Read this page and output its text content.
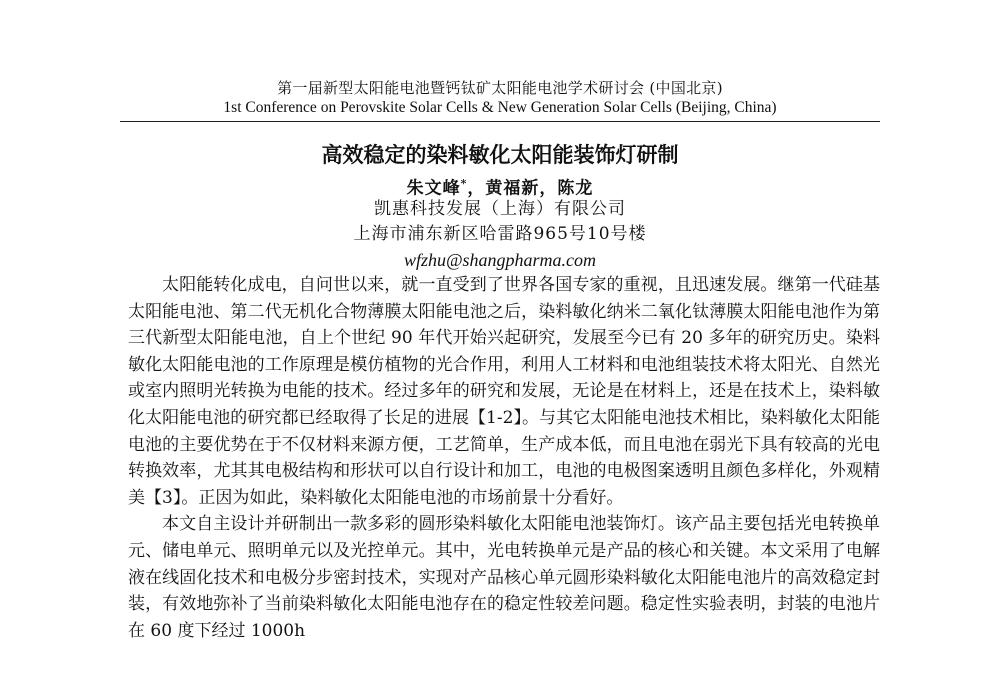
第一届新型太阳能电池暨钙钛矿太阳能电池学术研讨会 (中国北京)
1st Conference on Perovskite Solar Cells & New Generation Solar Cells (Beijing, China)
高效稳定的染料敏化太阳能装饰灯研制
朱文峰*，黄福新，陈龙
凯惠科技发展（上海）有限公司
上海市浦东新区哈雷路965号10号楼
wfzhu@shangpharma.com

太阳能转化成电，自问世以来，就一直受到了世界各国专家的重视，且迅速发展。继第一代硅基太阳能电池、第二代无机化合物薄膜太阳能电池之后，染料敏化纳米二氧化钛薄膜太阳能电池作为第三代新型太阳能电池，自上个世纪 90 年代开始兴起研究，发展至今已有 20 多年的研究历史。染料敏化太阳能电池的工作原理是模仿植物的光合作用，利用人工材料和电池组装技术将太阳光、自然光或室内照明光转换为电能的技术。经过多年的研究和发展，无论是在材料上，还是在技术上，染料敏化太阳能电池的研究都已经取得了长足的进展【1-2】。与其它太阳能电池技术相比，染料敏化太阳能电池的主要优势在于不仅材料来源方便，工艺简单，生产成本低，而且电池在弱光下具有较高的光电转换效率，尤其其电极结构和形状可以自行设计和加工，电池的电极图案透明且颜色多样化，外观精美【3】。正因为如此，染料敏化太阳能电池的市场前景十分看好。

本文自主设计并研制出一款多彩的圆形染料敏化太阳能电池装饰灯。该产品主要包括光电转换单元、储电单元、照明单元以及光控单元。其中，光电转换单元是产品的核心和关键。本文采用了电解液在线固化技术和电极分步密封技术，实现对产品核心单元圆形染料敏化太阳能电池片的高效稳定封装，有效地弥补了当前染料敏化太阳能电池存在的稳定性较差问题。稳定性实验表明，封装的电池片在 60 度下经过 1000h
